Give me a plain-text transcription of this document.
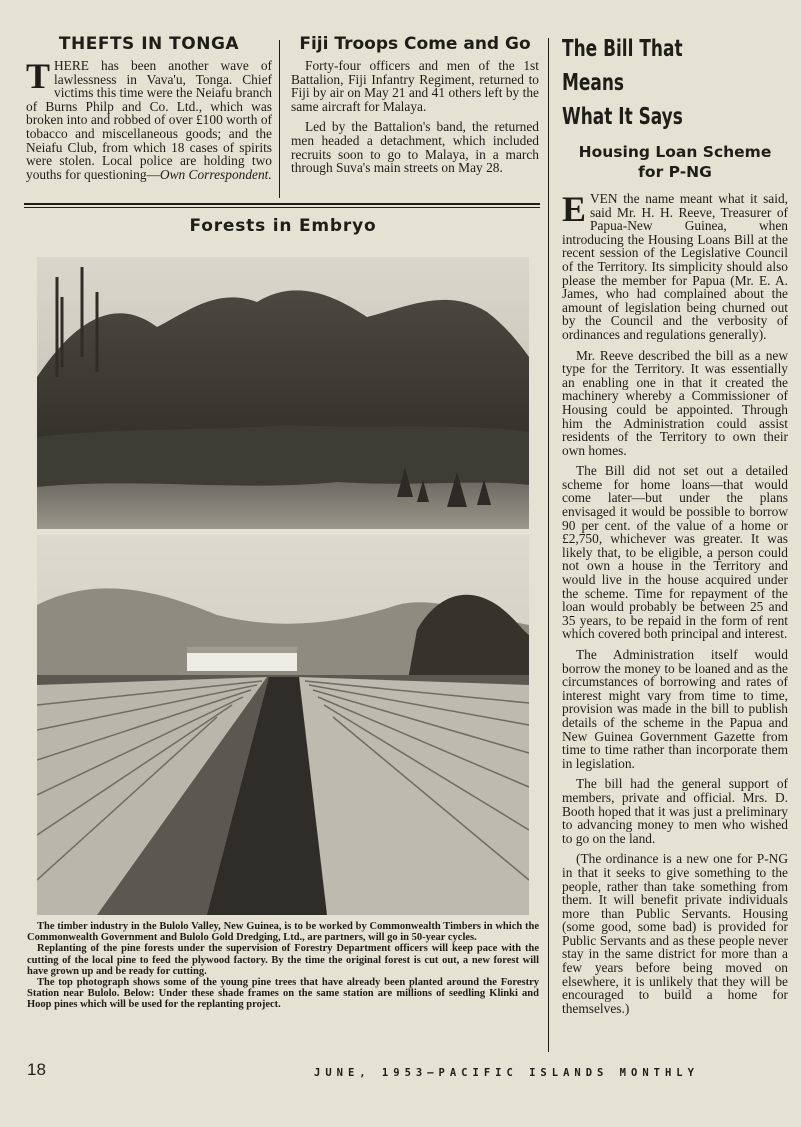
THEFTS IN TONGA
THERE has been another wave of lawlessness in Vava'u, Tonga. Chief victims this time were the Neiafu branch of Burns Philp and Co. Ltd., which was broken into and robbed of over £100 worth of tobacco and miscellaneous goods; and the Neiafu Club, from which 18 cases of spirits were stolen. Local police are holding two youths for questioning—Own Correspondent.
Fiji Troops Come and Go

Forty-four officers and men of the 1st Battalion, Fiji Infantry Regiment, returned to Fiji by air on May 21 and 41 others left by the same aircraft for Malaya.

Led by the Battalion's band, the returned men headed a detachment, which included recruits soon to go to Malaya, in a march through Suva's main streets on May 28.

Forests in Embryo

The timber industry in the Bulolo Valley, New Guinea, is to be worked by Commonwealth Timbers in which the Commonwealth Government and Bulolo Gold Dredging, Ltd., are partners, will go in 50-year cycles.

Replanting of the pine forests under the supervision of Forestry Department officers will keep pace with the cutting of the local pine to feed the plywood factory. By the time the original forest is cut out, a new forest will have grown up and be ready for cutting.

The top photograph shows some of the young pine trees that have already been planted around the Forestry Station near Bulolo. Below: Under these shade frames on the same station are millions of seedling Klinki and Hoop pines which will be used for the replanting project.

The Bill That
Means
What It Says
Housing Loan Scheme
for P-NG

EVEN the name meant what it said, said Mr. H. H. Reeve, Treasurer of Papua-New Guinea, when introducing the Housing Loans Bill at the recent session of the Legislative Council of the Territory. Its simplicity should also please the member for Papua (Mr. E. A. James, who had complained about the amount of legislation being churned out by the Council and the verbosity of ordinances and regulations generally).

Mr. Reeve described the bill as a new type for the Territory. It was essentially an enabling one in that it created the machinery whereby a Commissioner of Housing could be appointed. Through him the Administration could assist residents of the Territory to own their own homes.

The Bill did not set out a detailed scheme for home loans—that would come later—but under the plans envisaged it would be possible to borrow 90 per cent. of the value of a home or £2,750, whichever was greater. It was likely that, to be eligible, a person could not own a house in the Territory and would live in the house acquired under the scheme. Time for repayment of the loan would probably be between 25 and 35 years, to be repaid in the form of rent which covered both principal and interest.

The Administration itself would borrow the money to be loaned and as the circumstances of borrowing and rates of interest might vary from time to time, provision was made in the bill to publish details of the scheme in the Papua and New Guinea Government Gazette from time to time rather than incorporate them in legislation.

The bill had the general support of members, private and official. Mrs. D. Booth hoped that it was just a preliminary to advancing money to men who wished to go on the land.

(The ordinance is a new one for P-NG in that it seeks to give something to the people, rather than take something from them. It will benefit private individuals more than Public Servants. Housing (some good, some bad) is provided for Public Servants and as these people never stay in the same district for more than a few years before being moved on elsewhere, it is unlikely that they will be encouraged to build a home for themselves.)

18	JUNE, 1953—PACIFIC ISLANDS MONTHLY
